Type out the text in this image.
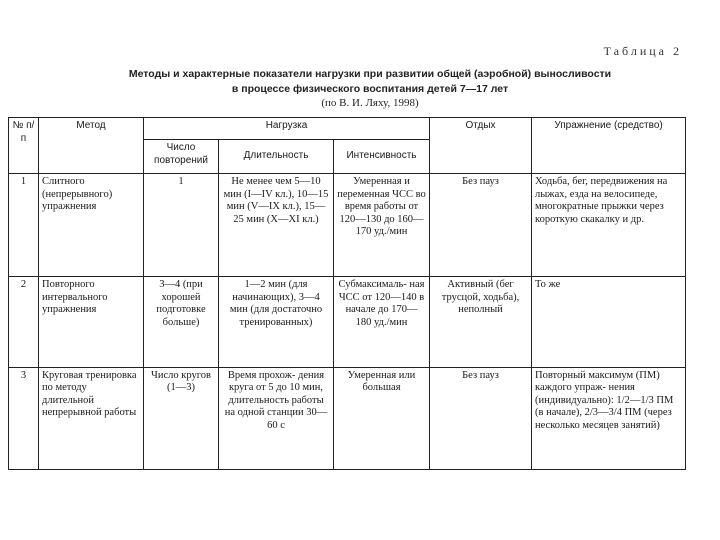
Таблица 2
Методы и характерные показатели нагрузки при развитии общей (аэробной) выносливости
в процессе физического воспитания детей 7—17 лет
(по В. И. Ляху, 1998)
№ п/п	Метод	Нагрузка			Отдых	Упражнение (средство)
		Число повторений	Длительность	Интенсивность		
1	Слитного (непрерывного) упражнения	1	Не менее чем 5—10 мин (I—IV кл.), 10—15 мин (V—IX кл.), 15—25 мин (X—XI кл.)	Умеренная и переменная ЧСС во время работы от 120—130 до 160— 170 уд./мин	Без пауз	Ходьба, бег, передвижения на лыжах, езда на велосипеде, многократные прыжки через короткую скакалку и др.
2	Повторного интервального упражнения	3—4 (при хорошей подготовке больше)	1—2 мин (для начинающих), 3—4 мин (для достаточно тренированных)	Субмаксималь- ная ЧСС от 120—140 в начале до 170— 180 уд./мин	Активный (бег трусцой, ходьба), неполный	То же
3	Круговая тренировка по методу длительной непрерывной работы	Число кругов (1—3)	Время прохож- дения круга от 5 до 10 мин, длительность работы на одной станции 30—60 с	Умеренная или большая	Без пауз	Повторный максимум (ПМ) каждого упраж- нения (индивидуально): 1/2—1/3 ПМ (в начале), 2/3—3/4 ПМ (через несколько месяцев занятий)
